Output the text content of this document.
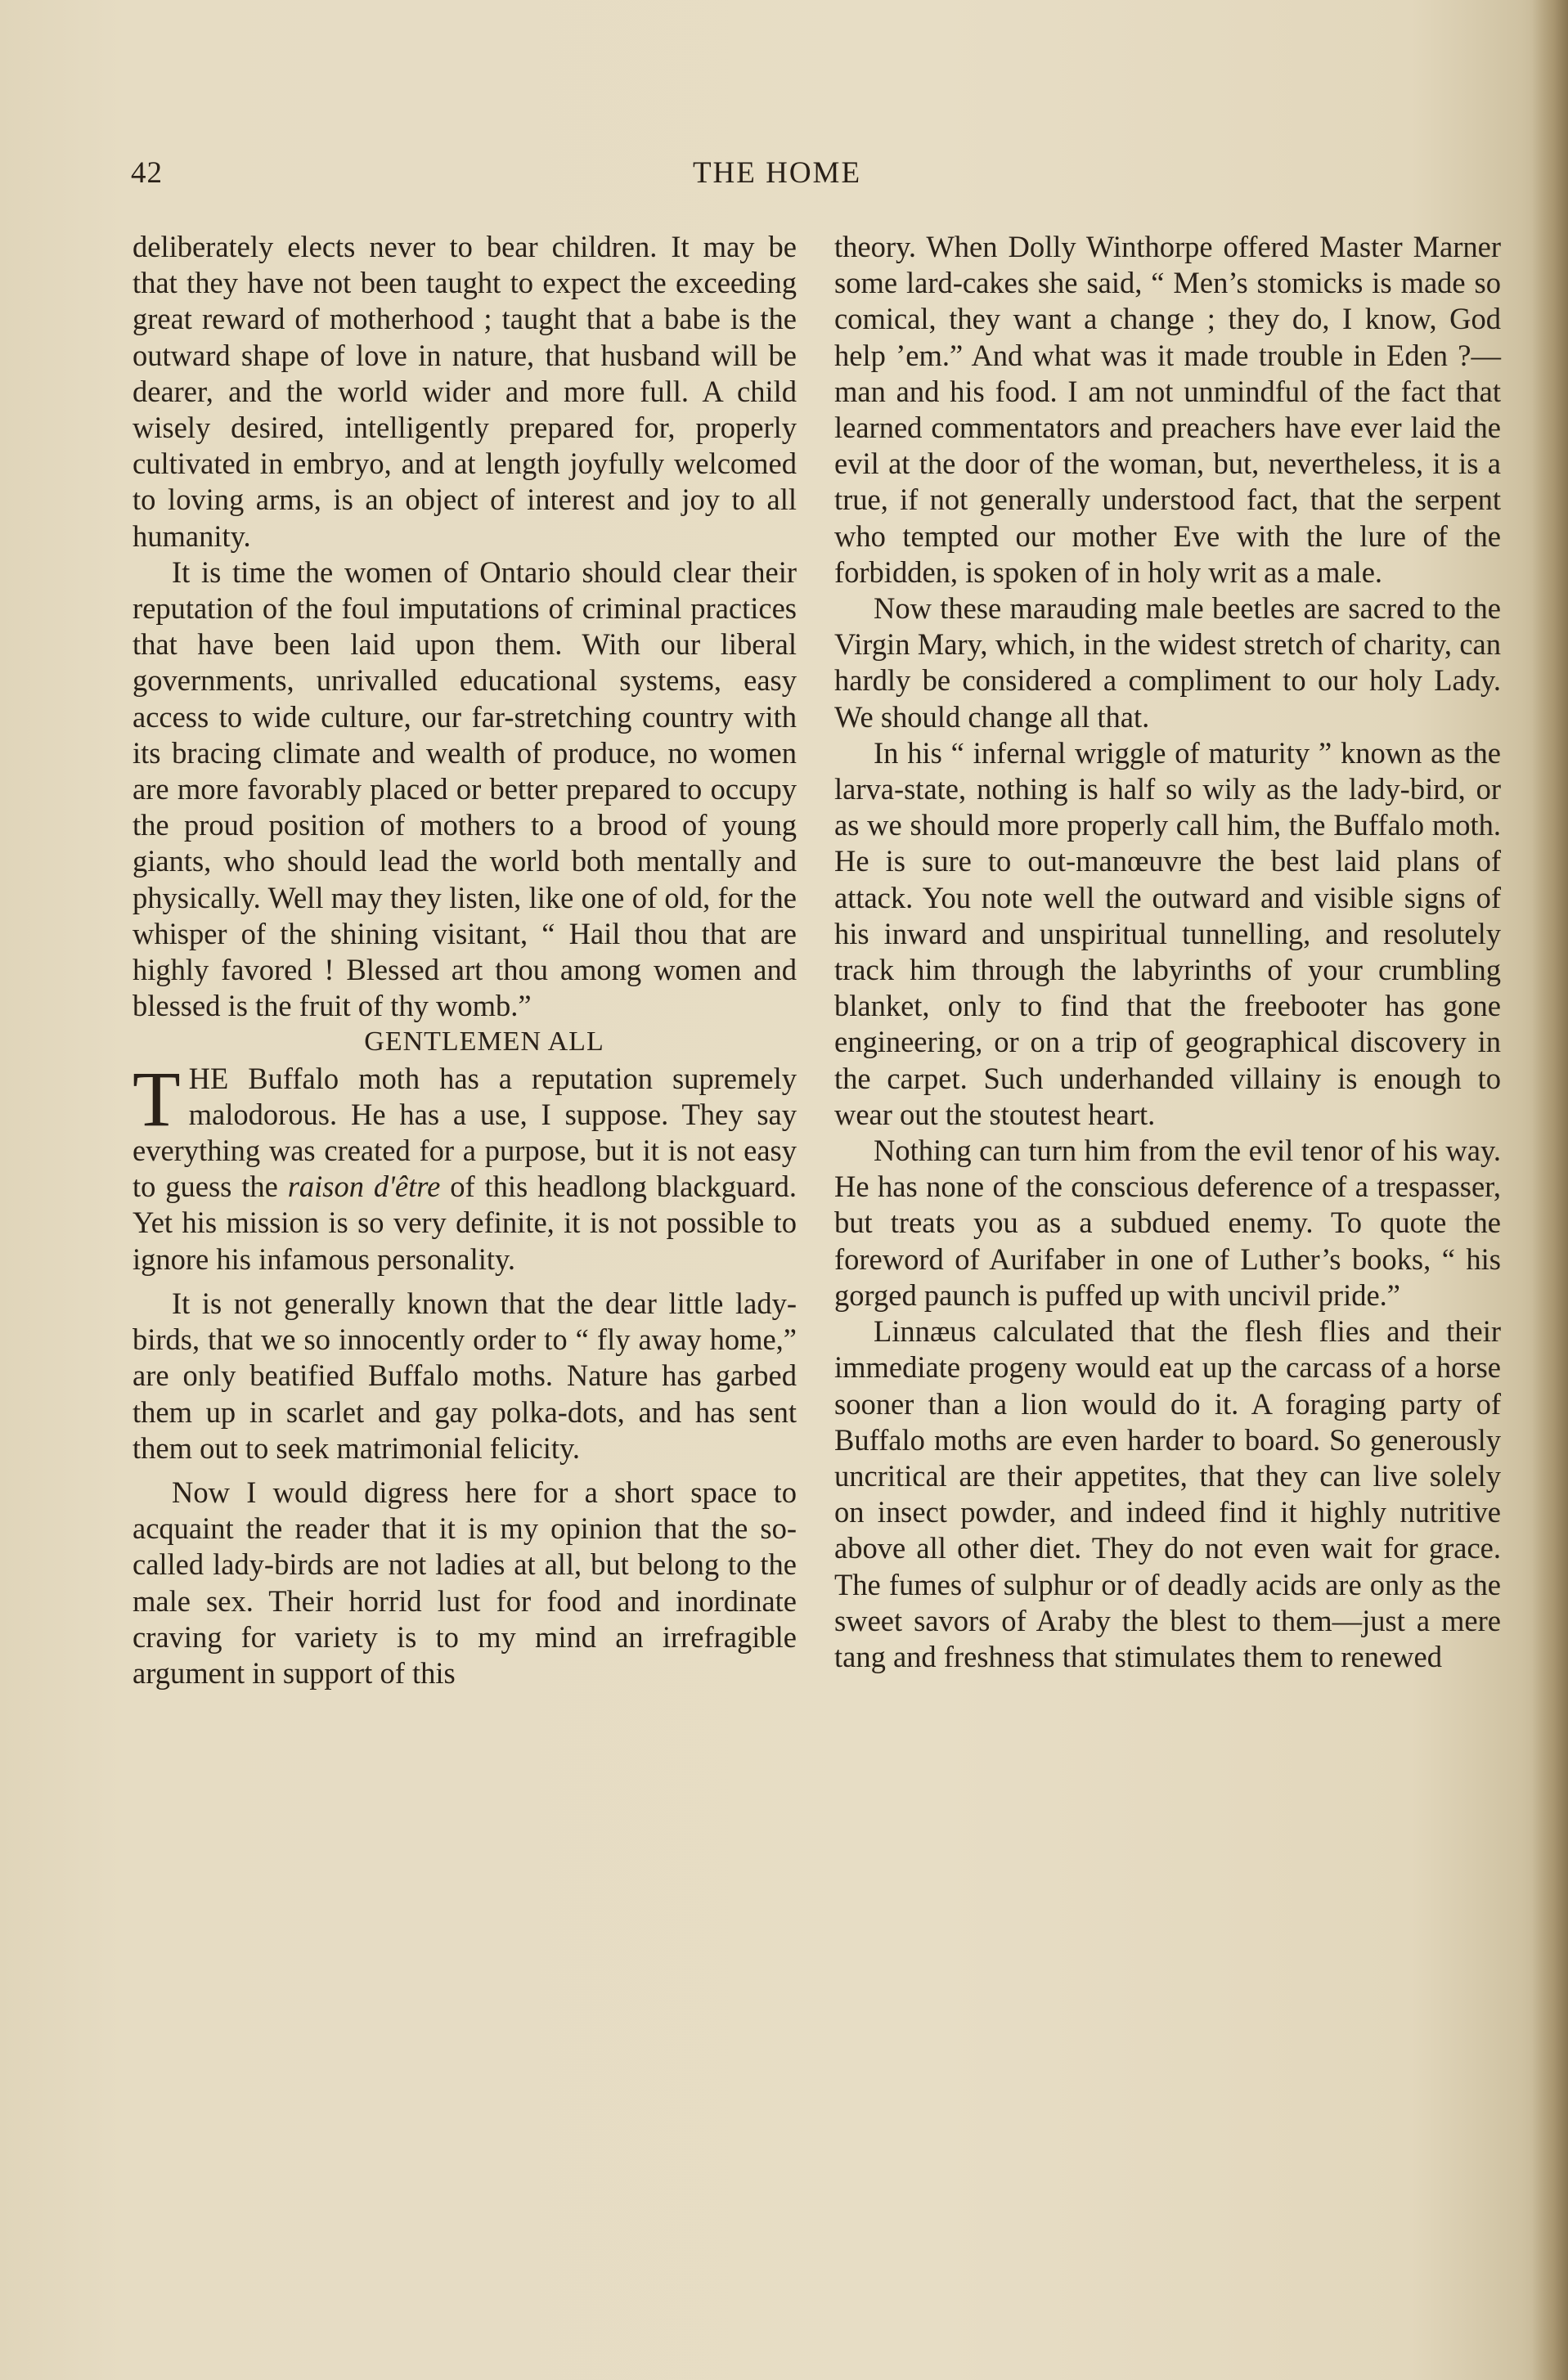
42	THE HOME

deliberately elects never to bear children. It may be that they have not been taught to expect the exceeding great reward of motherhood ; taught that a babe is the outward shape of love in nature, that husband will be dearer, and the world wider and more full. A child wisely desired, intelligently prepared for, properly cultivated in embryo, and at length joyfully welcomed to loving arms, is an object of interest and joy to all humanity.

It is time the women of Ontario should clear their reputation of the foul imputations of criminal practices that have been laid upon them. With our liberal governments, unrivalled educational systems, easy access to wide culture, our far-stretching country with its bracing climate and wealth of produce, no women are more favorably placed or better prepared to occupy the proud position of mothers to a brood of young giants, who should lead the world both mentally and physically. Well may they listen, like one of old, for the whisper of the shining visitant, “ Hail thou that are highly favored ! Blessed art thou among women and blessed is the fruit of thy womb.”

GENTLEMEN ALL

THE Buffalo moth has a reputation supremely malodorous. He has a use, I suppose. They say everything was created for a purpose, but it is not easy to guess the raison d'être of this headlong blackguard. Yet his mission is so very definite, it is not possible to ignore his infamous personality.

It is not generally known that the dear little lady-birds, that we so innocently order to “ fly away home,” are only beatified Buffalo moths. Nature has garbed them up in scarlet and gay polka-dots, and has sent them out to seek matrimonial felicity.

Now I would digress here for a short space to acquaint the reader that it is my opinion that the so-called lady-birds are not ladies at all, but belong to the male sex. Their horrid lust for food and inordinate craving for variety is to my mind an irrefragible argument in support of this

theory. When Dolly Winthorpe offered Master Marner some lard-cakes she said, “ Men’s stomicks is made so comical, they want a change ; they do, I know, God help ’em.” And what was it made trouble in Eden ?—man and his food. I am not unmindful of the fact that learned commentators and preachers have ever laid the evil at the door of the woman, but, nevertheless, it is a true, if not generally understood fact, that the serpent who tempted our mother Eve with the lure of the forbidden, is spoken of in holy writ as a male.

Now these marauding male beetles are sacred to the Virgin Mary, which, in the widest stretch of charity, can hardly be considered a compliment to our holy Lady. We should change all that.

In his “ infernal wriggle of maturity ” known as the larva-state, nothing is half so wily as the lady-bird, or as we should more properly call him, the Buffalo moth. He is sure to out-manœuvre the best laid plans of attack. You note well the outward and visible signs of his inward and unspiritual tunnelling, and resolutely track him through the labyrinths of your crumbling blanket, only to find that the freebooter has gone engineering, or on a trip of geographical discovery in the carpet. Such underhanded villainy is enough to wear out the stoutest heart.

Nothing can turn him from the evil tenor of his way. He has none of the conscious deference of a trespasser, but treats you as a subdued enemy. To quote the foreword of Aurifaber in one of Luther’s books, “ his gorged paunch is puffed up with uncivil pride.”

Linnæus calculated that the flesh flies and their immediate progeny would eat up the carcass of a horse sooner than a lion would do it. A foraging party of Buffalo moths are even harder to board. So generously uncritical are their appetites, that they can live solely on insect powder, and indeed find it highly nutritive above all other diet. They do not even wait for grace. The fumes of sulphur or of deadly acids are only as the sweet savors of Araby the blest to them—just a mere tang and freshness that stimulates them to renewed
